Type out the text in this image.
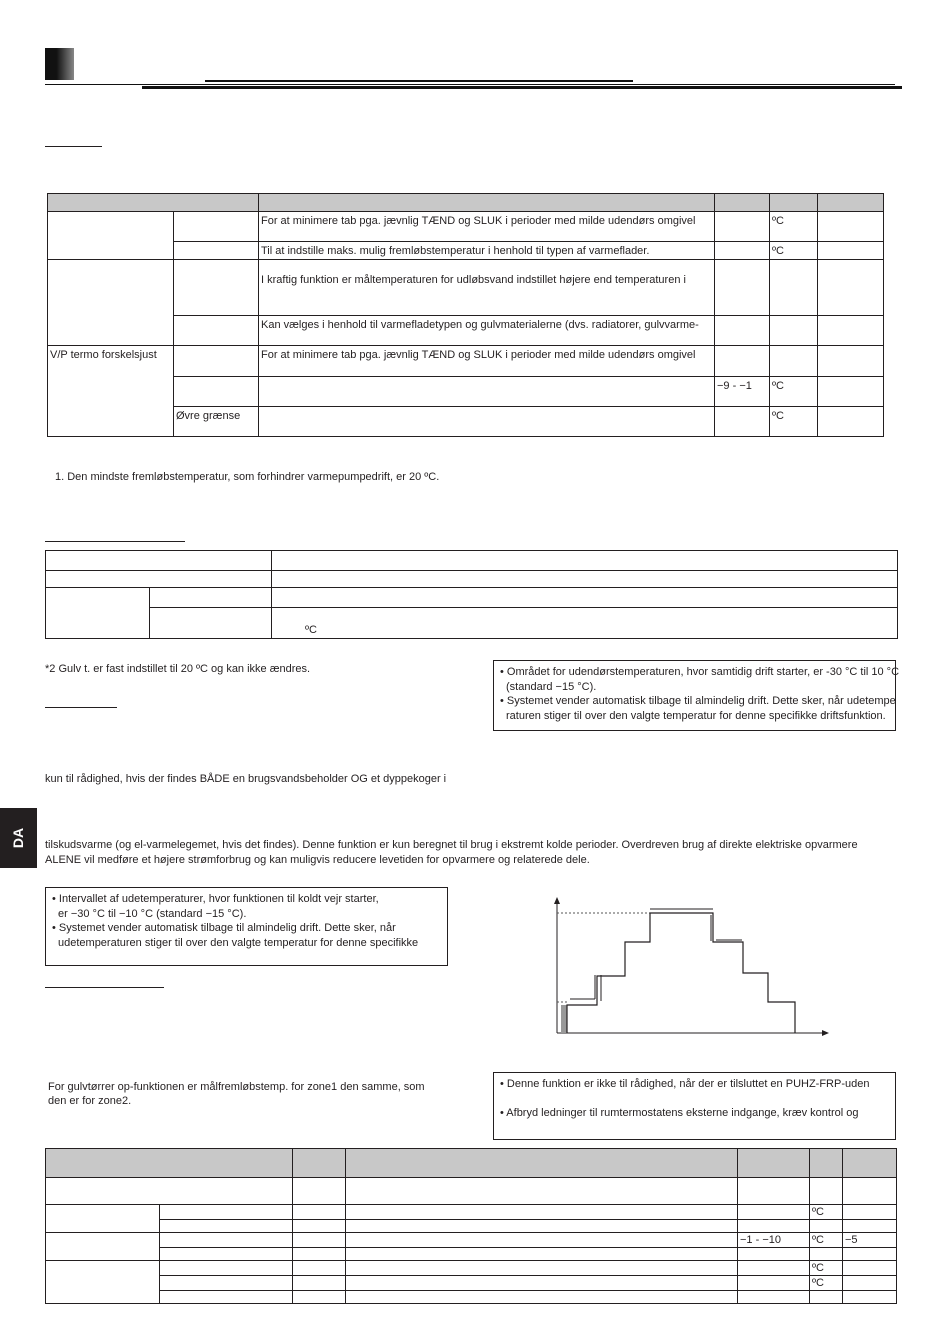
		For at minimere tab pga. jævnlig TÆND og SLUK i perioder med milde udendørs omgivel		ºC	
		Til at indstille maks. mulig fremløbstemperatur i henhold til typen af varmeflader.		ºC	
		I kraftig funktion er måltemperaturen for udløbsvand indstillet højere end temperaturen i			
		Kan vælges i henhold til varmefladetypen og gulvmaterialerne (dvs. radiatorer, gulvvarme-			
V/P termo forskelsjust		For at minimere tab pga. jævnlig TÆND og SLUK i perioder med milde udendørs omgivel			
			−9 - −1	ºC	
	Øvre grænse			ºC	
1. Den mindste fremløbstemperatur, som forhindrer varmepumpedrift, er 20 ºC.

		ºC
*2 Gulv t. er fast indstillet til 20 ºC og kan ikke ændres.	• Området for udendørstemperaturen, hvor samtidig drift starter, er -30 °C til 10 °C
(standard −15 °C).
• Systemet vender automatisk tilbage til almindelig drift. Dette sker, når udetempe
raturen stiger til over den valgte temperatur for denne specifikke driftsfunktion.
kun til rådighed, hvis der findes BÅDE en brugsvandsbeholder OG et dyppekoger i
DA tilskudsvarme (og el-varmelegemet, hvis det findes). Denne funktion er kun beregnet til brug i ekstremt kolde perioder. Overdreven brug af direkte elektriske opvarmere
ALENE vil medføre et højere strømforbrug og kan muligvis reducere levetiden for opvarmere og relaterede dele.
• Intervallet af udetemperaturer, hvor funktionen til koldt vejr starter,
er −30 °C til −10 °C (standard −15 °C).
• Systemet vender automatisk tilbage til almindelig drift. Dette sker, når
udetemperaturen stiger til over den valgte temperatur for denne specifikke
For gulvtørrer op-funktionen er målfremløbstemp. for zone1 den samme, som
den er for zone2.
• Denne funktion er ikke til rådighed, når der er tilsluttet en PUHZ-FRP-uden
• Afbryd ledninger til rumtermostatens eksterne indgange, kræv kontrol og

					ºC	

				−1 - −10	ºC	−5

					ºC	
					ºC	
